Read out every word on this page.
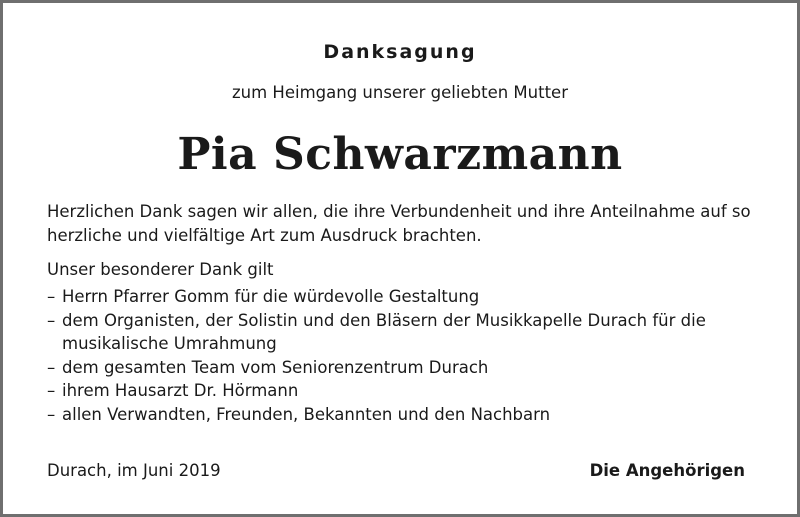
Danksagung
zum Heimgang unserer geliebten Mutter
Pia Schwarzmann

Herzlichen Dank sagen wir allen, die ihre Verbundenheit und ihre Anteilnahme auf so herzliche und vielfältige Art zum Ausdruck brachten.

Unser besonderer Dank gilt

– Herrn Pfarrer Gomm für die würdevolle Gestaltung
– dem Organisten, der Solistin und den Bläsern der Musikkapelle Durach für die musikalische Umrahmung
– dem gesamten Team vom Seniorenzentrum Durach
– ihrem Hausarzt Dr. Hörmann
– allen Verwandten, Freunden, Bekannten und den Nachbarn
Durach, im Juni 2019	Die Angehörigen
